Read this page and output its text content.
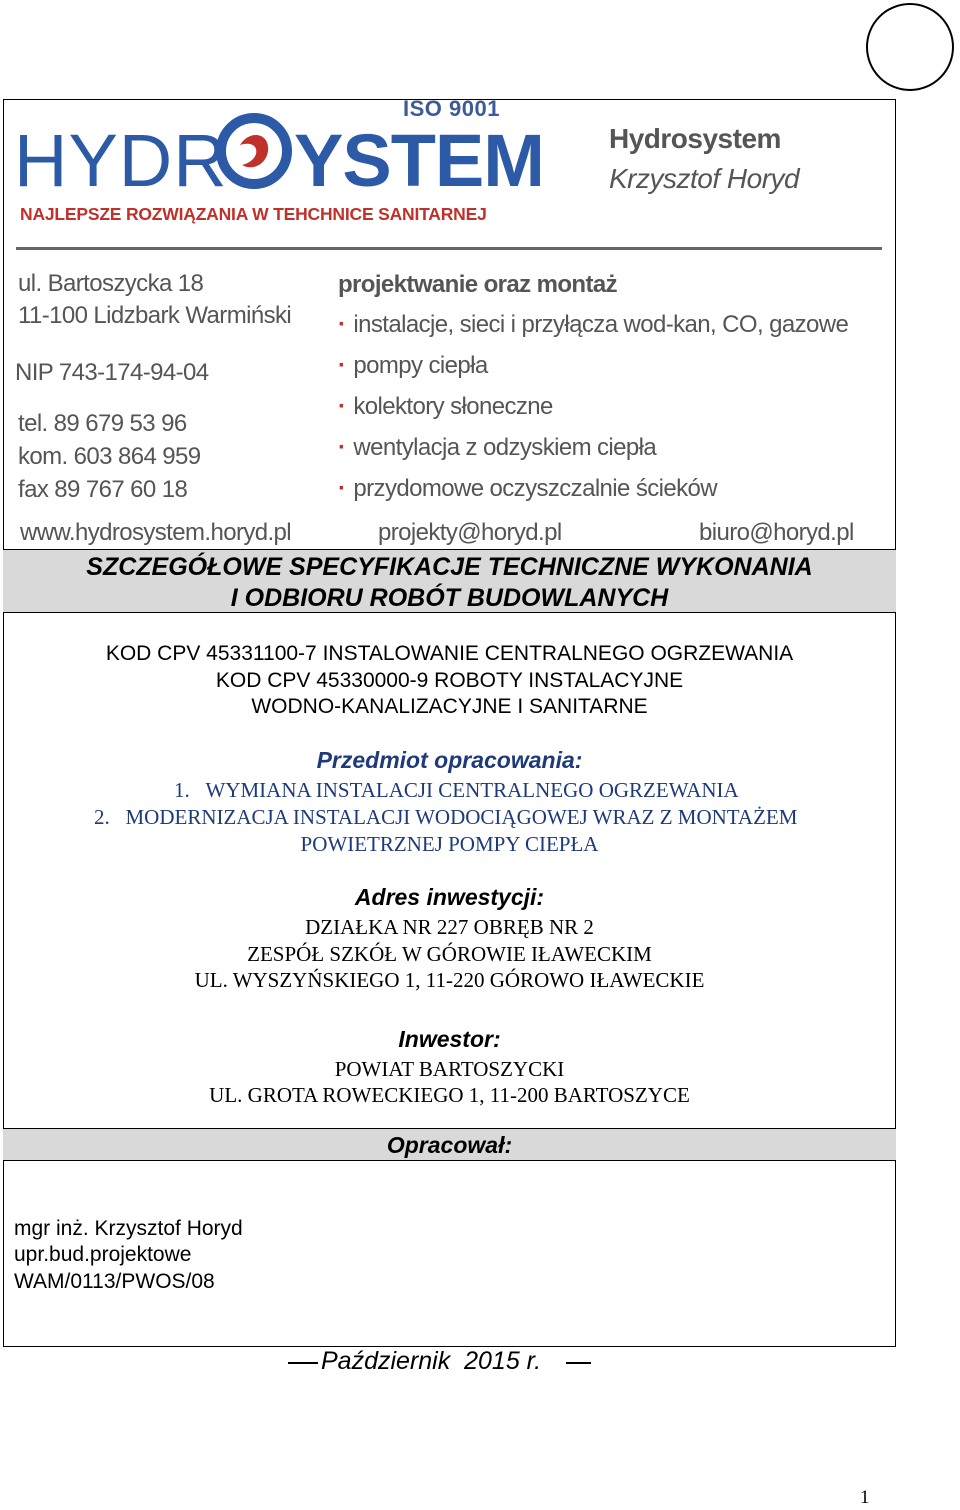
ISO 9001
HYDR YSTEM
NAJLEPSZE ROZWIĄZANIA W TEHCHNICE SANITARNEJ
Hydrosystem
Krzysztof Horyd
ul. Bartoszycka 18
11-100 Lidzbark Warmiński
NIP 743-174-94-04
tel. 89 679 53 96
kom. 603 864 959
fax 89 767 60 18
projektwanie oraz montaż
· instalacje, sieci i przyłącza wod-kan, CO, gazowe
· pompy ciepła
· kolektory słoneczne
· wentylacja z odzyskiem ciepła
· przydomowe oczyszczalnie ścieków
www.hydrosystem.horyd.pl	projekty@horyd.pl	biuro@horyd.pl
SZCZEGÓŁOWE SPECYFIKACJE TECHNICZNE WYKONANIA
I ODBIORU ROBÓT BUDOWLANYCH
KOD CPV 45331100-7 INSTALOWANIE CENTRALNEGO OGRZEWANIA
KOD CPV 45330000-9 ROBOTY INSTALACYJNE
WODNO-KANALIZACYJNE I SANITARNE
Przedmiot opracowania:
1. WYMIANA INSTALACJI CENTRALNEGO OGRZEWANIA
2. MODERNIZACJA INSTALACJI WODOCIĄGOWEJ WRAZ Z MONTAŻEM
POWIETRZNEJ POMPY CIEPŁA
Adres inwestycji:
DZIAŁKA NR 227 OBRĘB NR 2
ZESPÓŁ SZKÓŁ W GÓROWIE IŁAWECKIM
UL. WYSZYŃSKIEGO 1, 11-220 GÓROWO IŁAWECKIE
Inwestor:
POWIAT BARTOSZYCKI
UL. GROTA ROWECKIEGO 1, 11-200 BARTOSZYCE
Opracował:
mgr inż. Krzysztof Horyd
upr.bud.projektowe
WAM/0113/PWOS/08
Październik  2015 r.
1
